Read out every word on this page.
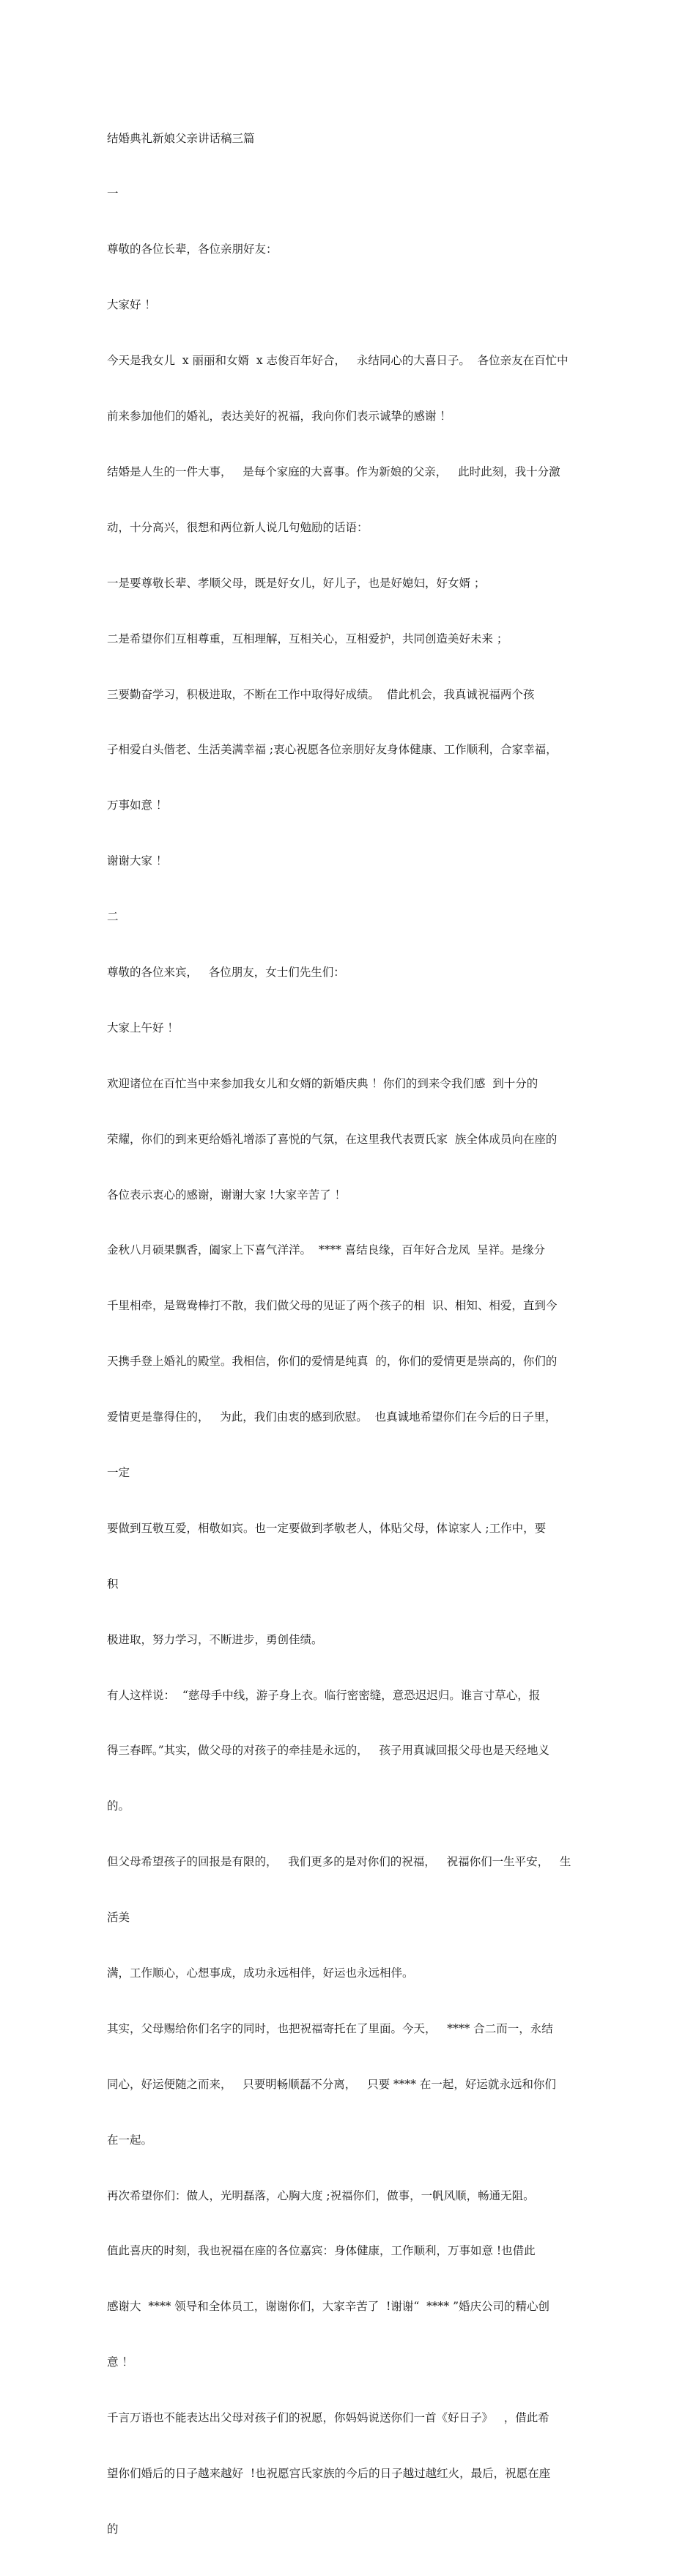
结婚典礼新娘父亲讲话稿三篇

一

尊敬的各位长辈，各位亲朋好友：

大家好 ！

今天是我女儿  x 丽丽和女婿  x 志俊百年好合，   永结同心的大喜日子。  各位亲友在百忙中

前来参加他们的婚礼，表达美好的祝福，我向你们表示诚挚的感谢 ！

结婚是人生的一件大事，   是每个家庭的大喜事。作为新娘的父亲，   此时此刻，我十分激

动，十分高兴，很想和两位新人说几句勉励的话语：

一是要尊敬长辈、孝顺父母，既是好女儿，好儿子，也是好媳妇，好女婿 ；

二是希望你们互相尊重，互相理解，互相关心，互相爱护，共同创造美好未来 ；

三要勤奋学习，积极进取，不断在工作中取得好成绩。  借此机会，我真诚祝福两个孩

子相爱白头偕老、生活美满幸福 ;衷心祝愿各位亲朋好友身体健康、工作顺利，合家幸福，

万事如意 ！

谢谢大家 ！

二

尊敬的各位来宾，   各位朋友，女士们先生们：

大家上午好 ！

欢迎诸位在百忙当中来参加我女儿和女婿的新婚庆典 ！你们的到来令我们感  到十分的

荣耀，你们的到来更给婚礼增添了喜悦的气氛，在这里我代表贾氏家  族全体成员向在座的

各位表示衷心的感谢，谢谢大家 !大家辛苦了 ！

金秋八月硕果飘香，阖家上下喜气洋洋。  **** 喜结良缘，百年好合龙凤  呈祥。是缘分

千里相牵，是鸳鸯棒打不散，我们做父母的见证了两个孩子的相  识、相知、相爱，直到今

天携手登上婚礼的殿堂。我相信，你们的爱情是纯真  的，你们的爱情更是崇高的，你们的

爱情更是靠得住的，   为此，我们由衷的感到欣慰。  也真诚地希望你们在今后的日子里，

一定

要做到互敬互爱，相敬如宾。也一定要做到孝敬老人，体贴父母，体谅家人 ;工作中，要

积

极进取，努力学习，不断进步，勇创佳绩。

有人这样说：  “慈母手中线，游子身上衣。临行密密缝，意恐迟迟归。谁言寸草心，报

得三春晖。”其实，做父母的对孩子的牵挂是永远的，   孩子用真诚回报父母也是天经地义

的。

但父母希望孩子的回报是有限的，   我们更多的是对你们的祝福，   祝福你们一生平安，   生

活美

满，工作顺心，心想事成，成功永远相伴，好运也永远相伴。

其实，父母赐给你们名字的同时，也把祝福寄托在了里面。今天，   **** 合二而一，永结

同心，好运便随之而来，   只要明畅顺磊不分离，   只要 **** 在一起，好运就永远和你们

在一起。

再次希望你们：做人，光明磊落，心胸大度 ;祝福你们，做事，一帆风顺，畅通无阻。

值此喜庆的时刻，我也祝福在座的各位嘉宾：身体健康，工作顺利，万事如意 !也借此

感谢大  **** 领导和全体员工，谢谢你们，大家辛苦了  !谢谢“  **** ”婚庆公司的精心创

意 ！

千言万语也不能表达出父母对孩子们的祝愿，你妈妈说送你们一首《好日子》   ，借此希

望你们婚后的日子越来越好  !也祝愿宫氏家族的今后的日子越过越红火，最后，祝愿在座

的
